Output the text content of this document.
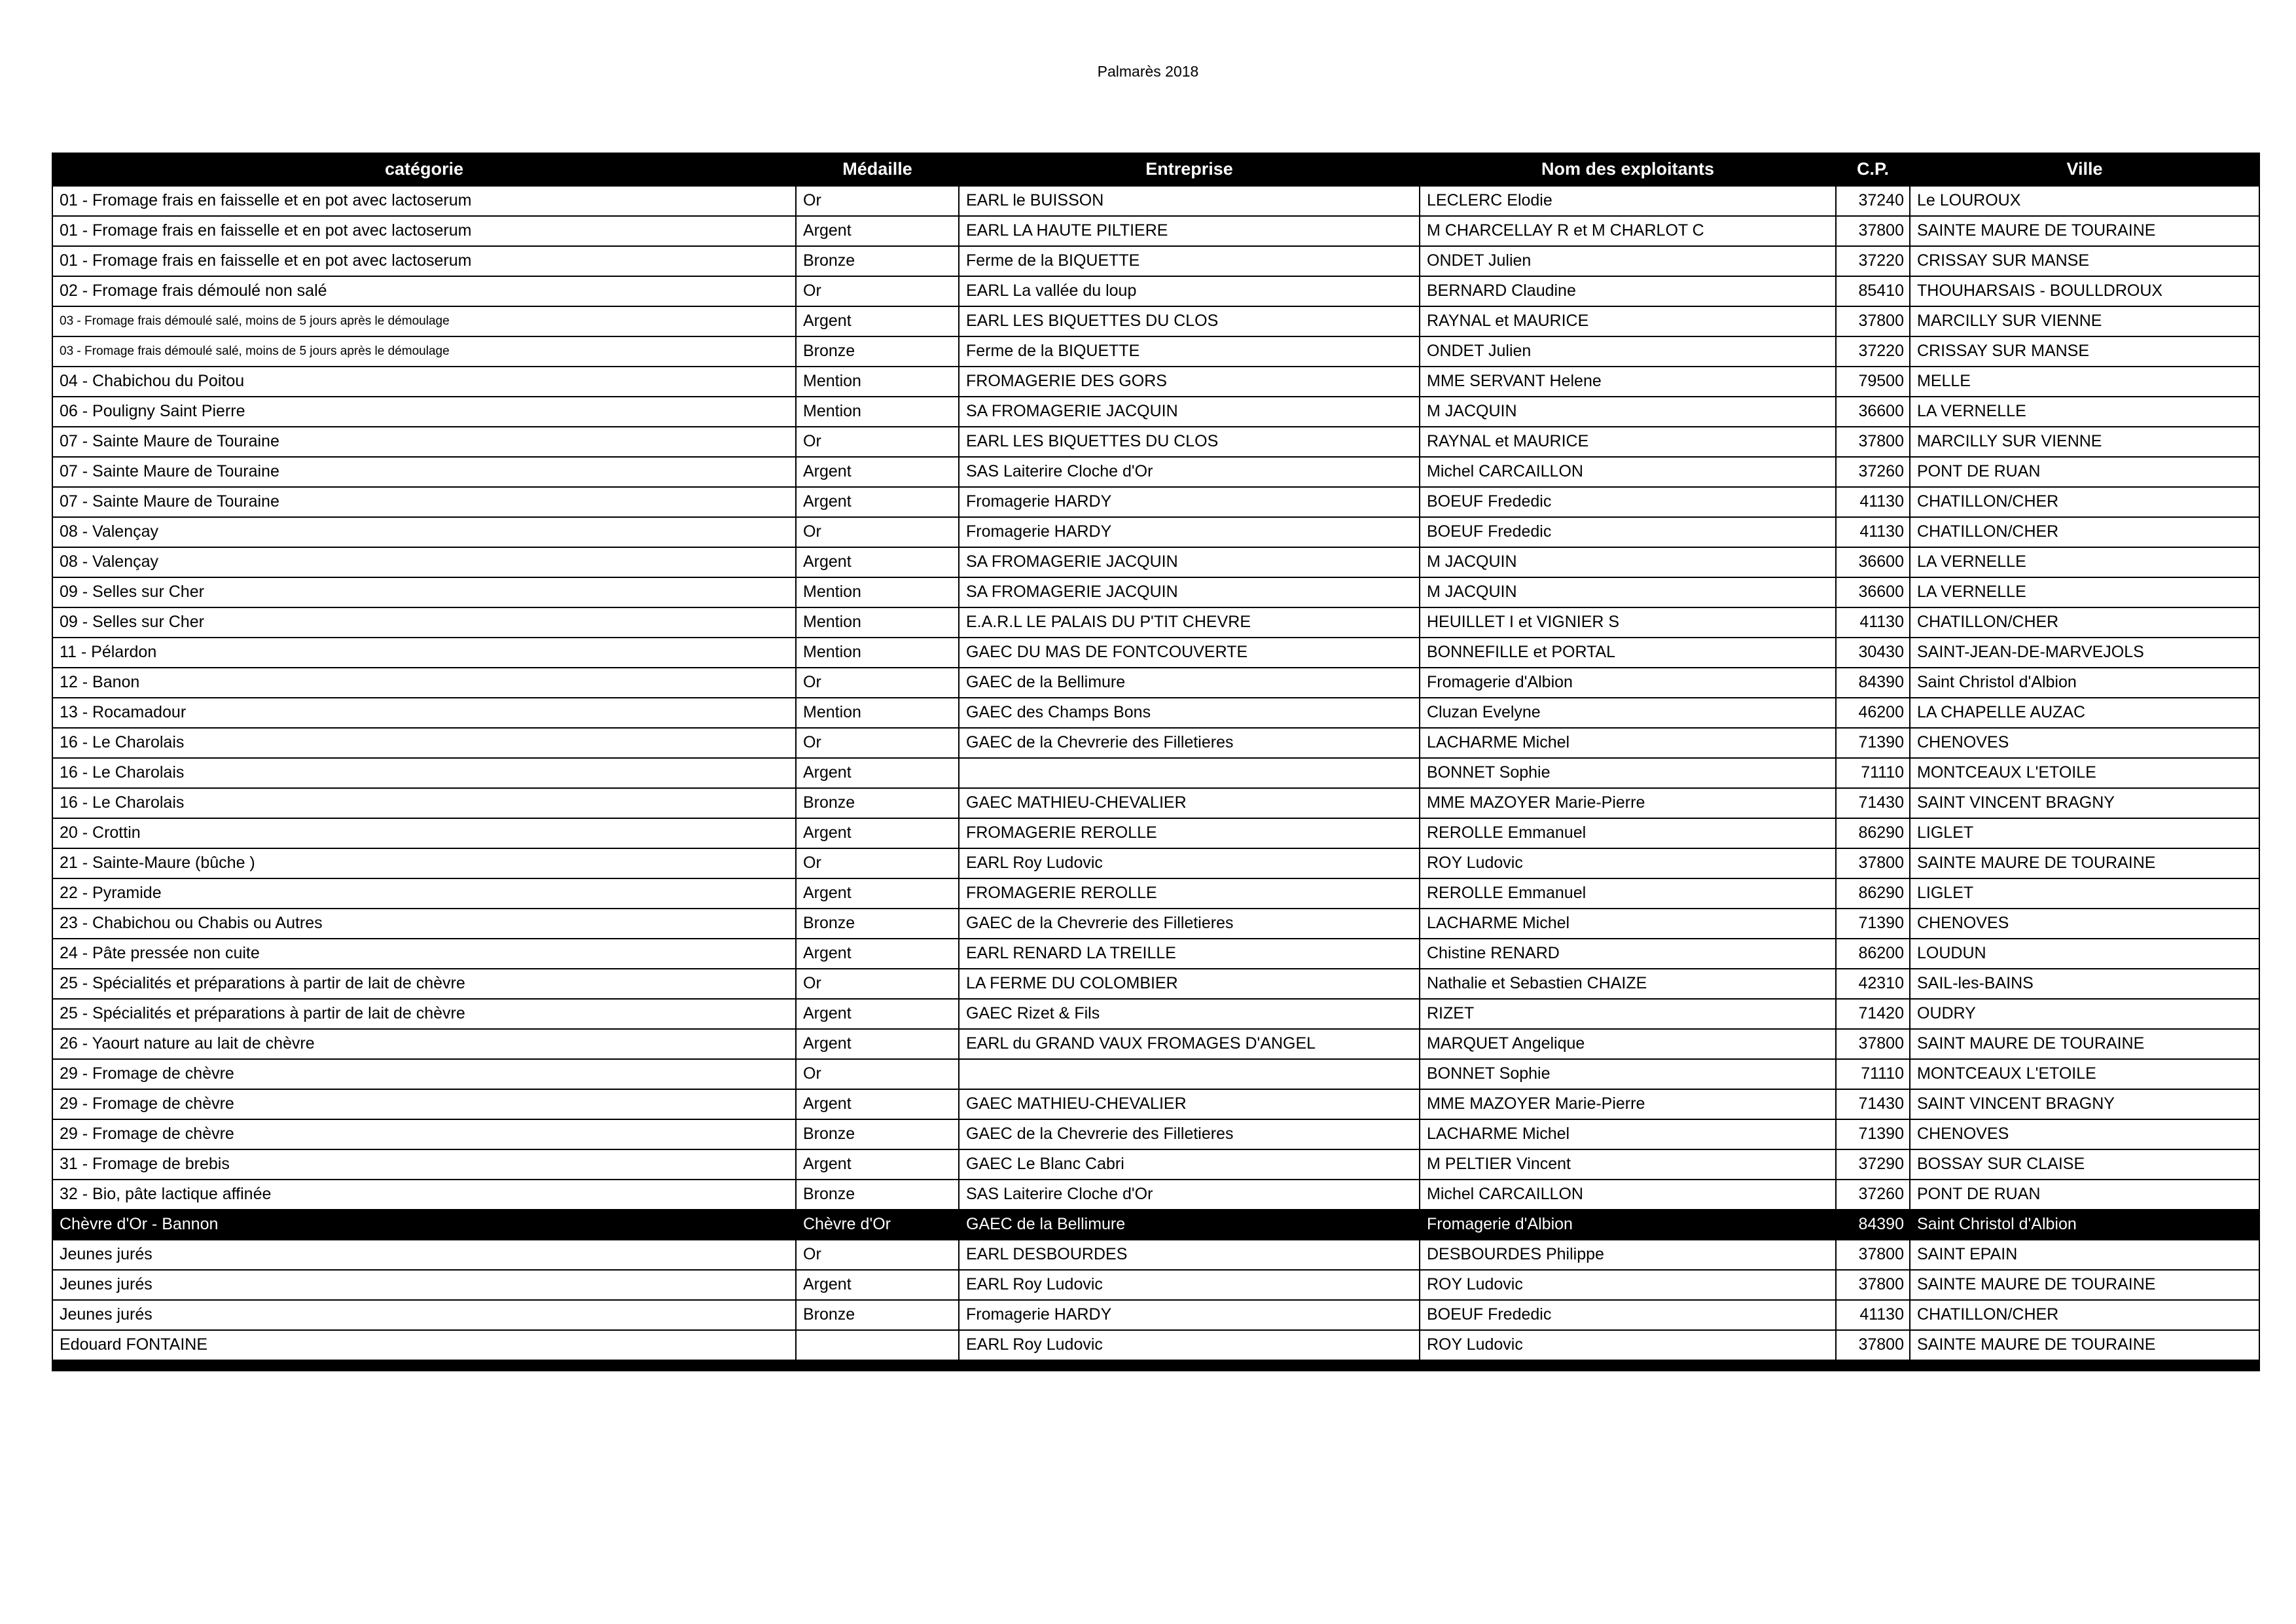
Palmarès 2018
catégorie	Médaille	Entreprise	Nom des exploitants	C.P.	Ville
01 - Fromage frais en faisselle et en pot avec lactoserum	Or	EARL le BUISSON	LECLERC Elodie	37240	Le LOUROUX
01 - Fromage frais en faisselle et en pot avec lactoserum	Argent	EARL LA HAUTE PILTIERE	M CHARCELLAY R et M CHARLOT C	37800	SAINTE MAURE DE TOURAINE
01 - Fromage frais en faisselle et en pot avec lactoserum	Bronze	Ferme de la BIQUETTE	ONDET Julien	37220	CRISSAY SUR MANSE
02 - Fromage frais démoulé non salé	Or	EARL La vallée du loup	BERNARD Claudine	85410	THOUHARSAIS - BOULLDROUX
03 - Fromage frais démoulé salé, moins de 5 jours après le démoulage	Argent	EARL LES BIQUETTES DU CLOS	RAYNAL et MAURICE	37800	MARCILLY SUR VIENNE
03 - Fromage frais démoulé salé, moins de 5 jours après le démoulage	Bronze	Ferme de la BIQUETTE	ONDET Julien	37220	CRISSAY SUR MANSE
04 - Chabichou du Poitou	Mention	FROMAGERIE DES GORS	MME SERVANT Helene	79500	MELLE
06 - Pouligny Saint Pierre	Mention	SA FROMAGERIE JACQUIN	M JACQUIN	36600	LA VERNELLE
07 - Sainte Maure de Touraine	Or	EARL LES BIQUETTES DU CLOS	RAYNAL et MAURICE	37800	MARCILLY SUR VIENNE
07 - Sainte Maure de Touraine	Argent	SAS Laiterire Cloche d'Or	Michel CARCAILLON	37260	PONT DE RUAN
07 - Sainte Maure de Touraine	Argent	Fromagerie HARDY	BOEUF Frededic	41130	CHATILLON/CHER
08 - Valençay	Or	Fromagerie HARDY	BOEUF Frededic	41130	CHATILLON/CHER
08 - Valençay	Argent	SA FROMAGERIE JACQUIN	M JACQUIN	36600	LA VERNELLE
09 - Selles sur Cher	Mention	SA FROMAGERIE JACQUIN	M JACQUIN	36600	LA VERNELLE
09 - Selles sur Cher	Mention	E.A.R.L LE PALAIS DU P'TIT CHEVRE	HEUILLET I et VIGNIER S	41130	CHATILLON/CHER
11 - Pélardon	Mention	GAEC DU MAS DE FONTCOUVERTE	BONNEFILLE et PORTAL	30430	SAINT-JEAN-DE-MARVEJOLS
12 - Banon	Or	GAEC de la Bellimure	Fromagerie d'Albion	84390	Saint Christol d'Albion
13 - Rocamadour	Mention	GAEC des Champs Bons	Cluzan Evelyne	46200	LA CHAPELLE AUZAC
16 - Le Charolais	Or	GAEC de la Chevrerie des Filletieres	LACHARME Michel	71390	CHENOVES
16 - Le Charolais	Argent		BONNET Sophie	71110	MONTCEAUX L'ETOILE
16 - Le Charolais	Bronze	GAEC MATHIEU-CHEVALIER	MME MAZOYER Marie-Pierre	71430	SAINT VINCENT BRAGNY
20 - Crottin	Argent	FROMAGERIE REROLLE	REROLLE Emmanuel	86290	LIGLET
21 - Sainte-Maure (bûche )	Or	EARL Roy Ludovic	ROY Ludovic	37800	SAINTE MAURE DE TOURAINE
22 - Pyramide	Argent	FROMAGERIE REROLLE	REROLLE Emmanuel	86290	LIGLET
23 - Chabichou ou Chabis ou Autres	Bronze	GAEC de la Chevrerie des Filletieres	LACHARME Michel	71390	CHENOVES
24 - Pâte pressée non cuite	Argent	EARL RENARD LA TREILLE	Chistine RENARD	86200	LOUDUN
25 - Spécialités et préparations à partir de lait de chèvre	Or	LA FERME DU COLOMBIER	Nathalie et Sebastien CHAIZE	42310	SAIL-les-BAINS
25 - Spécialités et préparations à partir de lait de chèvre	Argent	GAEC Rizet & Fils	RIZET	71420	OUDRY
26 - Yaourt nature au lait de chèvre	Argent	EARL du GRAND VAUX FROMAGES D'ANGEL	MARQUET Angelique	37800	SAINT MAURE DE TOURAINE
29 - Fromage de chèvre	Or		BONNET Sophie	71110	MONTCEAUX L'ETOILE
29 - Fromage de chèvre	Argent	GAEC MATHIEU-CHEVALIER	MME MAZOYER Marie-Pierre	71430	SAINT VINCENT BRAGNY
29 - Fromage de chèvre	Bronze	GAEC de la Chevrerie des Filletieres	LACHARME Michel	71390	CHENOVES
31 - Fromage de brebis	Argent	GAEC Le Blanc Cabri	M PELTIER Vincent	37290	BOSSAY SUR CLAISE
32 - Bio, pâte lactique affinée	Bronze	SAS Laiterire Cloche d'Or	Michel CARCAILLON	37260	PONT DE RUAN
Chèvre d'Or - Bannon	Chèvre d'Or	GAEC de la Bellimure	Fromagerie d'Albion	84390	Saint Christol d'Albion
Jeunes jurés	Or	EARL DESBOURDES	DESBOURDES Philippe	37800	SAINT EPAIN
Jeunes jurés	Argent	EARL Roy Ludovic	ROY Ludovic	37800	SAINTE MAURE DE TOURAINE
Jeunes jurés	Bronze	Fromagerie HARDY	BOEUF Frededic	41130	CHATILLON/CHER
Edouard FONTAINE		EARL Roy Ludovic	ROY Ludovic	37800	SAINTE MAURE DE TOURAINE
